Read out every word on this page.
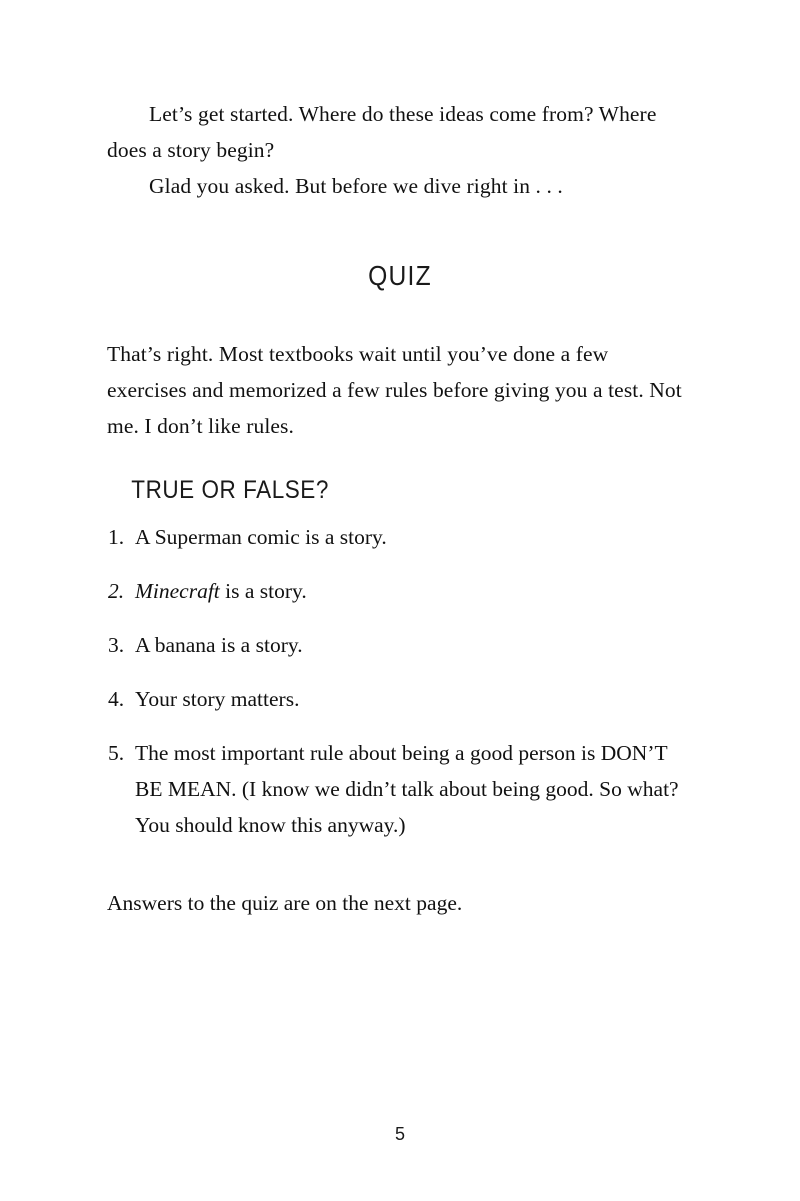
Let’s get started. Where do these ideas come from? Where does a story begin?

Glad you asked. But before we dive right in . . .

QUIZ

That’s right. Most textbooks wait until you’ve done a few exercises and memorized a few rules before giving you a test. Not me. I don’t like rules.

TRUE OR FALSE?
1. A Superman comic is a story.
2. Minecraft is a story.
3. A banana is a story.
4. Your story matters.
5. The most important rule about being a good person is DON’T BE MEAN. (I know we didn’t talk about being good. So what? You should know this anyway.)

Answers to the quiz are on the next page.

5
